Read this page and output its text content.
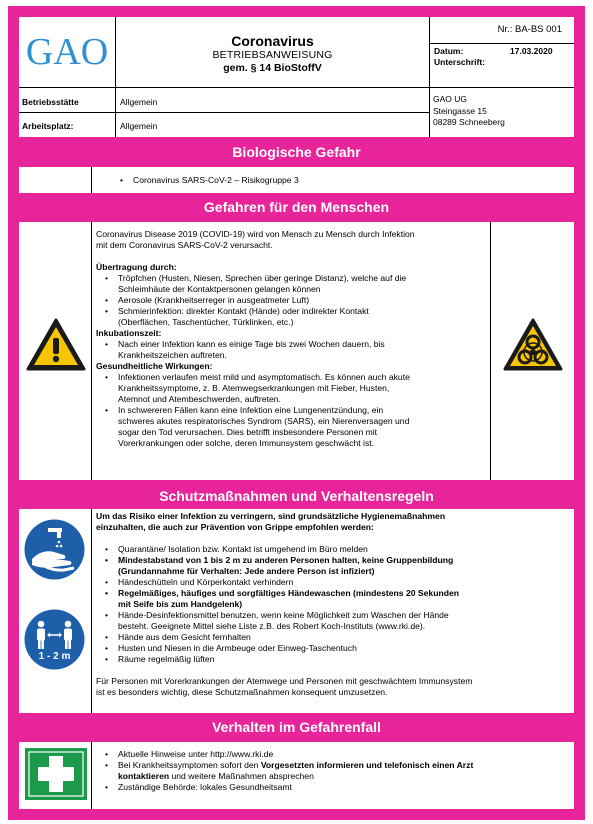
GAO	Coronavirus
BETRIEBSANWEISUNG
gem. § 14 BioStoffV
Nr.: BA-BS 001
Datum:	17.03.2020
Unterschrift:
Betriebsstätte	Allgemein
Arbeitsplatz:	Allgemein
GAO UG
Steingasse 15
08289 Schneeberg
Biologische Gefahr
• Coronavirus SARS-CoV-2 – Risikogruppe 3
Gefahren für den Menschen
Coronavirus Disease 2019 (COVID-19) wird von Mensch zu Mensch durch Infektion
mit dem Coronavirus SARS-CoV-2 verursacht.
Übertragung durch:
• Tröpfchen (Husten, Niesen, Sprechen über geringe Distanz), welche auf die
Schleimhäute der Kontaktpersonen gelangen können
• Aerosole (Krankheitserreger in ausgeatmeter Luft)
• Schmierinfektion: direkter Kontakt (Hände) oder indirekter Kontakt
(Oberflächen, Taschentücher, Türklinken, etc.)
Inkubationszeit:
• Nach einer Infektion kann es einige Tage bis zwei Wochen dauern, bis
Krankheitszeichen auftreten.
Gesundheitliche Wirkungen:
• Infektionen verlaufen meist mild und asymptomatisch. Es können auch akute
Krankheitssymptome, z. B. Atemwegserkrankungen mit Fieber, Husten,
Atemnot und Atembeschwerden, auftreten.
• In schwereren Fällen kann eine Infektion eine Lungenentzündung, ein
schweres akutes respiratorisches Syndrom (SARS), ein Nierenversagen und
sogar den Tod verursachen. Dies betrifft insbesondere Personen mit
Vorerkrankungen oder solche, deren Immunsystem geschwächt ist.
Schutzmaßnahmen und Verhaltensregeln
1 - 2 m
Um das Risiko einer Infektion zu verringern, sind grundsätzliche Hygienemaßnahmen
einzuhalten, die auch zur Prävention von Grippe empfohlen werden:
• Quarantäne/ Isolation bzw. Kontakt ist umgehend im Büro melden
• Mindestabstand von 1 bis 2 m zu anderen Personen halten, keine Gruppenbildung
(Grundannahme für Verhalten: Jede andere Person ist infiziert)
• Händeschütteln und Körperkontakt verhindern
• Regelmäßiges, häufiges und sorgfältiges Händewaschen (mindestens 20 Sekunden
mit Seife bis zum Handgelenk)
• Hände-Desinfektionsmittel benutzen, wenn keine Möglichkeit zum Waschen der Hände
besteht. Geeignete Mittel siehe Liste z.B. des Robert Koch-Instituts (www.rki.de).
• Hände aus dem Gesicht fernhalten
• Husten und Niesen in die Armbeuge oder Einweg-Taschentuch
• Räume regelmäßig lüften
Für Personen mit Vorerkrankungen der Atemwege und Personen mit geschwächtem Immunsystem
ist es besonders wichtig, diese Schutzmaßnahmen konsequent umzusetzen.
Verhalten im Gefahrenfall
• Aktuelle Hinweise unter http://www.rki.de
• Bei Krankheitssymptomen sofort den Vorgesetzten informieren und telefonisch einen Arzt
kontaktieren und weitere Maßnahmen absprechen
• Zuständige Behörde: lokales Gesundheitsamt
